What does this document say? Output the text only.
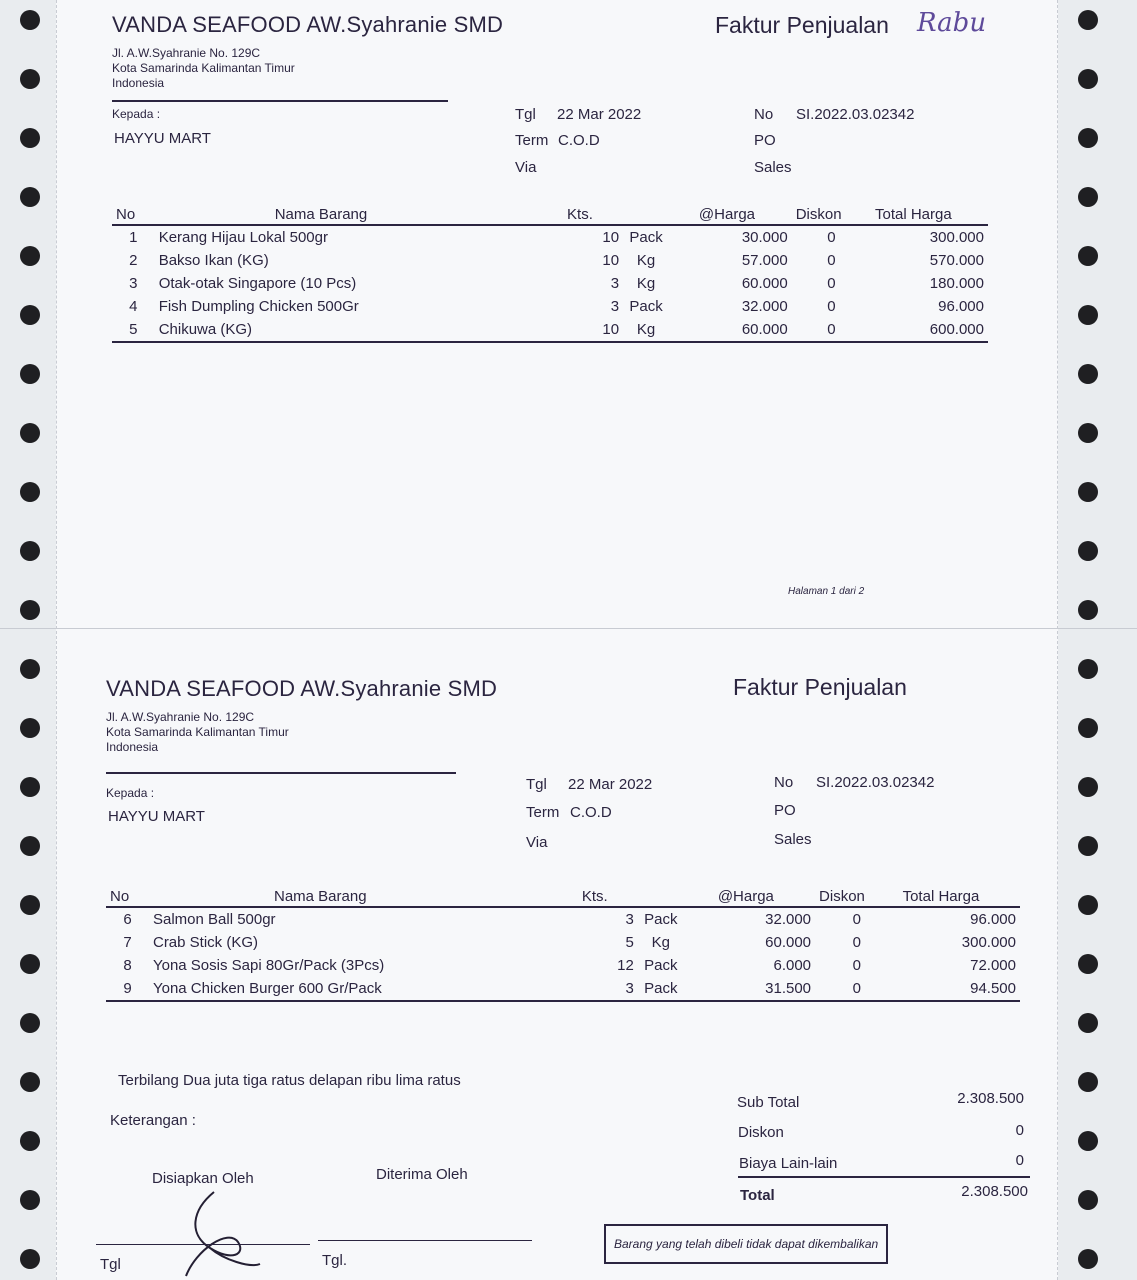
VANDA SEAFOOD AW.Syahranie SMD	Faktur Penjualan Rabu
Jl. A.W.Syahranie No. 129C
Kota Samarinda Kalimantan Timur
Indonesia
Kepada :
HAYYU MART
Tgl 22 Mar 2022
Term C.O.D
Via
No SI.2022.03.02342
PO
Sales
No	Nama Barang	Kts.	@Harga	Diskon	Total Harga
1	Kerang Hijau Lokal 500gr	10 Pack	30.000	0	300.000
2	Bakso Ikan (KG)	10 Kg	57.000	0	570.000
3	Otak-otak Singapore (10 Pcs)	3 Kg	60.000	0	180.000
4	Fish Dumpling Chicken 500Gr	3 Pack	32.000	0	96.000
5	Chikuwa (KG)	10 Kg	60.000	0	600.000
Halaman 1 dari 2
VANDA SEAFOOD AW.Syahranie SMD	Faktur Penjualan
Jl. A.W.Syahranie No. 129C
Kota Samarinda Kalimantan Timur
Indonesia
Kepada :
HAYYU MART
Tgl 22 Mar 2022
Term C.O.D
Via
No SI.2022.03.02342
PO
Sales
No	Nama Barang	Kts.	@Harga	Diskon	Total Harga
6	Salmon Ball 500gr	3 Pack	32.000	0	96.000
7	Crab Stick (KG)	5 Kg	60.000	0	300.000
8	Yona Sosis Sapi 80Gr/Pack (3Pcs)	12 Pack	6.000	0	72.000
9	Yona Chicken Burger 600 Gr/Pack	3 Pack	31.500	0	94.500
Terbilang Dua juta tiga ratus delapan ribu lima ratus
Keterangan :
Disiapkan Oleh	Diterima Oleh
Tgl	Tgl.
Sub Total	2.308.500
Diskon	0
Biaya Lain-lain	0
Total	2.308.500
Barang yang telah dibeli tidak dapat dikembalikan
